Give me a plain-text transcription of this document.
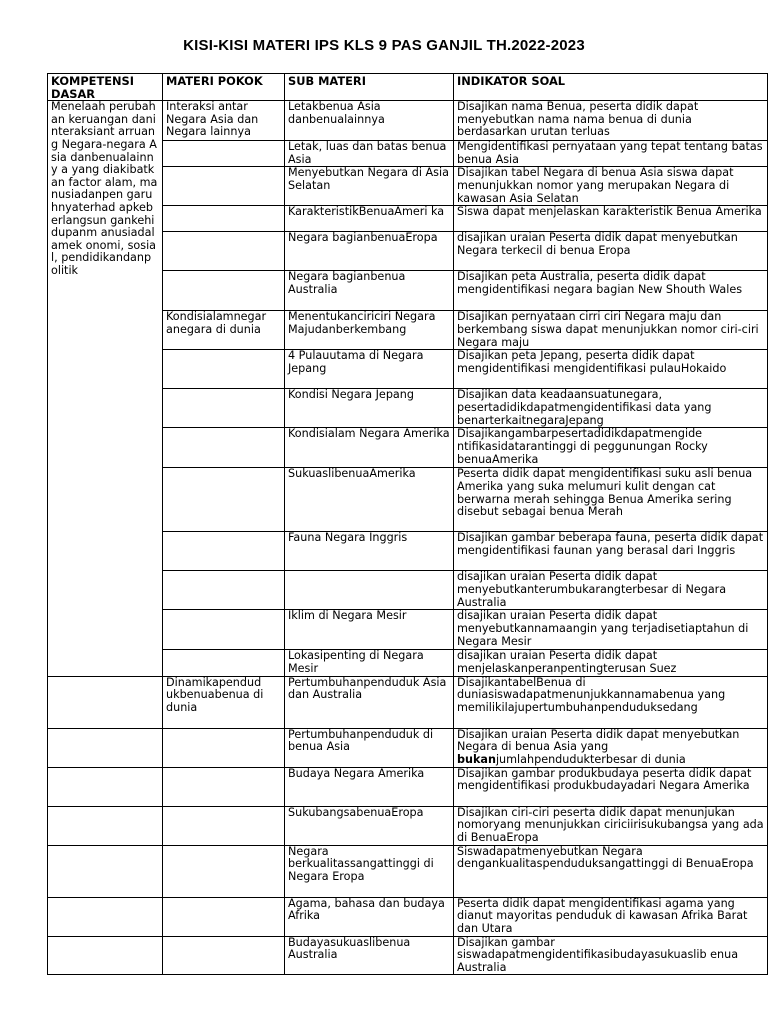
KISI-KISI MATERI IPS KLS 9 PAS GANJIL TH.2022-2023
KOMPETENSI DASAR	MATERI POKOK	SUB MATERI	INDIKATOR SOAL
Menelaah perubahan keruangan daninteraksiant arruang Negara-negara Asia danbenualainny a yang diakibatkan factor alam, manusiadanpen garuhnyaterhad apkeberlangsun gankehidupanm anusiadalamek onomi, sosial, pendidikandanp olitik	Interaksi antar Negara Asia dan Negara lainnya	Letakbenua Asia danbenualainnya	Disajikan nama Benua, peserta didik dapat menyebutkan nama nama benua di dunia berdasarkan urutan terluas
		Letak, luas dan batas benua Asia	Mengidentifikasi pernyataan yang tepat tentang batas benua Asia
		Menyebutkan Negara di Asia Selatan	Disajikan tabel Negara di benua Asia siswa dapat menunjukkan nomor yang merupakan Negara di kawasan Asia Selatan
		KarakteristikBenuaAmeri ka	Siswa dapat menjelaskan karakteristik Benua Amerika
		Negara bagianbenuaEropa	disajikan uraian Peserta didik dapat menyebutkan Negara terkecil di benua Eropa
		Negara bagianbenua Australia	Disajikan peta Australia, peserta didik dapat mengidentifikasi negara bagian New Shouth Wales
	Kondisialamnegar anegara di dunia	Menentukanciriciri Negara Majudanberkembang	Disajikan pernyataan cirri ciri Negara maju dan berkembang siswa dapat menunjukkan nomor ciri-ciri Negara maju
		4 Pulauutama di Negara Jepang	Disajikan peta Jepang, peserta didik dapat mengidentifikasi mengidentifikasi pulauHokaido
		Kondisi Negara Jepang	Disajikan data keadaansuatunegara, pesertadidikdapatmengidentifikasi data yang benarterkaitnegaraJepang
		Kondisialam Negara Amerika	Disajikangambarpesertadidikdapatmengide ntifikasidatarantinggi di peggunungan Rocky benuaAmerika
		SukuaslibenuaAmerika	Peserta didik dapat mengidentifikasi suku asli benua Amerika yang suka melumuri kulit dengan cat berwarna merah sehingga Benua Amerika sering disebut sebagai benua Merah
		Fauna Negara Inggris	Disajikan gambar beberapa fauna, peserta didik dapat mengidentifikasi faunan yang berasal dari Inggris
			disajikan uraian Peserta didik dapat menyebutkanterumbukarangterbesar di Negara Australia
		Iklim di Negara Mesir	disajikan uraian Peserta didik dapat menyebutkannamaangin yang terjadisetiaptahun di Negara Mesir
		Lokasipenting di Negara Mesir	disajikan uraian Peserta didik dapat menjelaskanperanpentingterusan Suez
	Dinamikapendud ukbenuabenua di dunia	Pertumbuhanpenduduk Asia dan Australia	DisajikantabelBenua di duniasiswadapatmenunjukkannamabenua yang memilikilajupertumbuhanpenduduksedang
		Pertumbuhanpenduduk di benua Asia	Disajikan uraian Peserta didik dapat menyebutkan Negara di benua Asia yang bukanjumlahpendudukterbesar di dunia
		Budaya Negara Amerika	Disajikan gambar produkbudaya peserta didik dapat mengidentifikasi produkbudayadari Negara Amerika
		SukubangsabenuaEropa	Disajikan ciri-ciri peserta didik dapat menunjukan nomoryang menunjukkan ciriciirisukubangsa yang ada di BenuaEropa
		Negara berkualitassangattinggi di Negara Eropa	Siswadapatmenyebutkan Negara dengankualitaspenduduksangattinggi di BenuaEropa
		Agama, bahasa dan budaya Afrika	Peserta didik dapat mengidentifikasi agama yang dianut mayoritas penduduk di kawasan Afrika Barat dan Utara
		Budayasukuaslibenua Australia	Disajikan gambar siswadapatmengidentifikasibudayasukuaslib enua Australia
